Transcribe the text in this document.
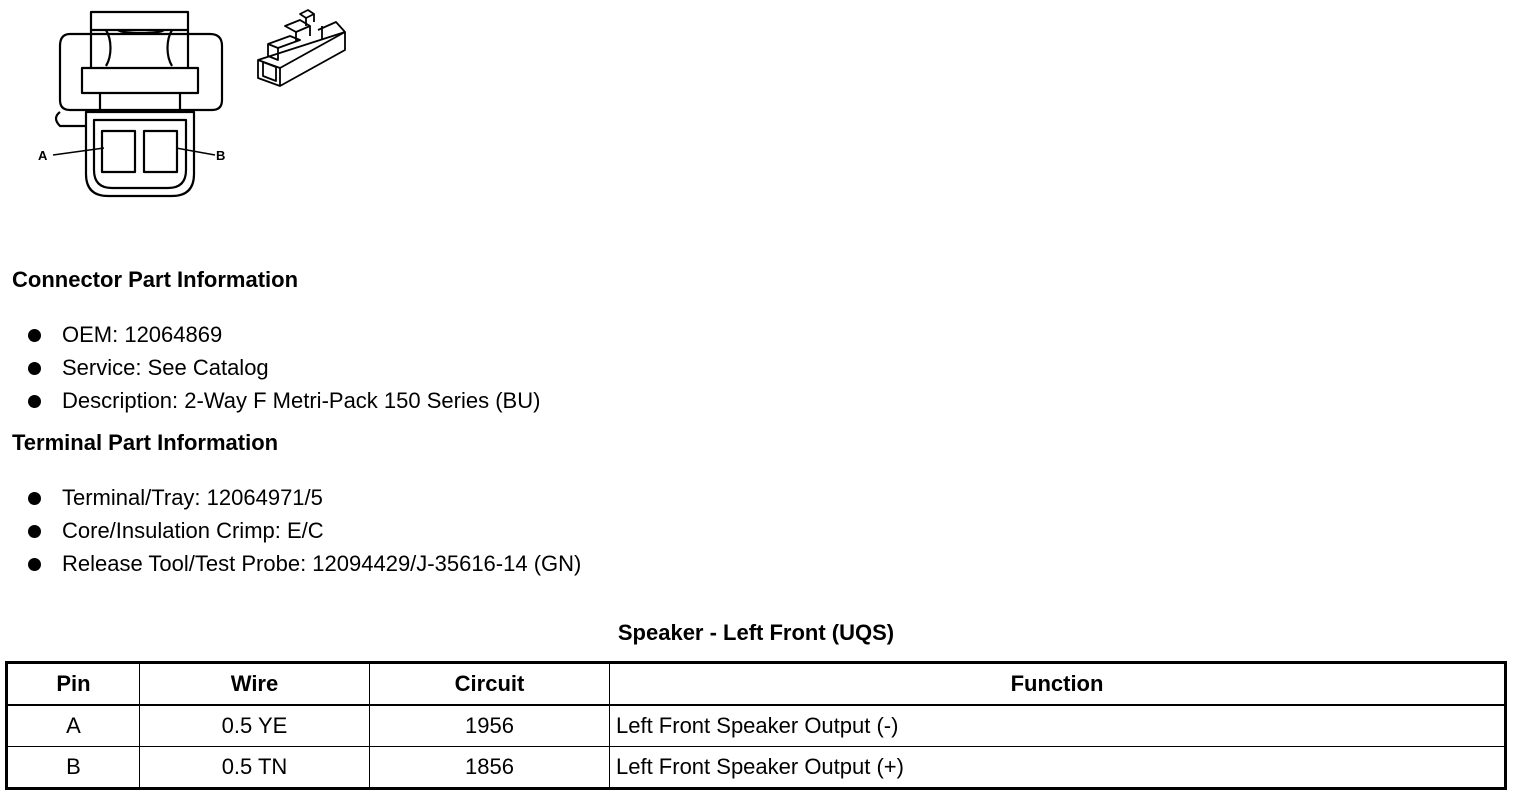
A	B
Connector Part Information
OEM: 12064869
Service: See Catalog
Description: 2-Way F Metri-Pack 150 Series (BU)
Terminal Part Information
Terminal/Tray: 12064971/5
Core/Insulation Crimp: E/C
Release Tool/Test Probe: 12094429/J-35616-14 (GN)
Speaker - Left Front (UQS)
Pin	Wire	Circuit	Function
A	0.5 YE	1956	Left Front Speaker Output (-)
B	0.5 TN	1856	Left Front Speaker Output (+)
